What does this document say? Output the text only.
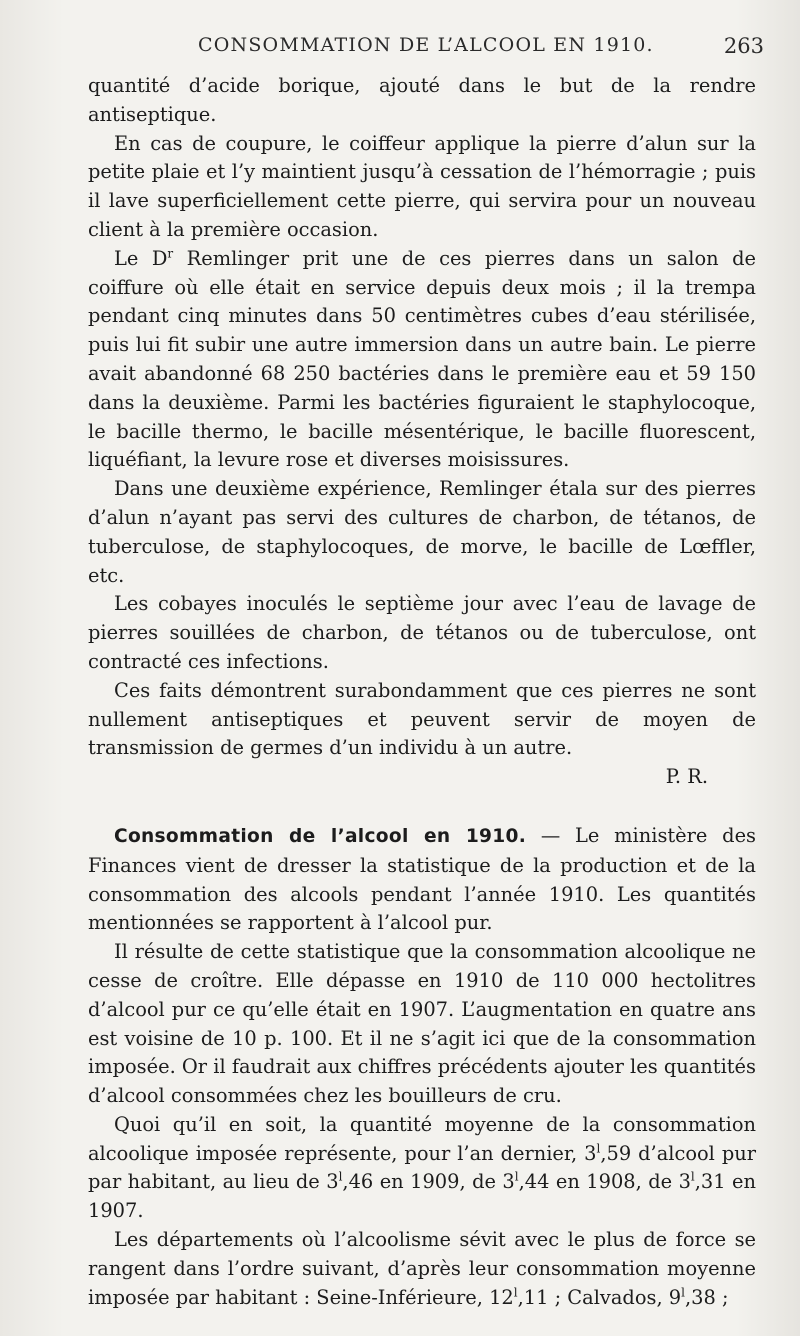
CONSOMMATION DE L’ALCOOL EN 1910.	263

quantité d’acide borique, ajouté dans le but de la rendre antiseptique.

En cas de coupure, le coiffeur applique la pierre d’alun sur la petite plaie et l’y maintient jusqu’à cessation de l’hémorragie ; puis il lave superficiellement cette pierre, qui servira pour un nouveau client à la première occasion.

Le $D^r$ Remlinger prit une de ces pierres dans un salon de coiffure où elle était en service depuis deux mois ; il la trempa pendant cinq minutes dans 50 centimètres cubes d’eau stérilisée, puis lui fit subir une autre immersion dans un autre bain. Le pierre avait abandonné 68 250 bactéries dans le première eau et 59 150 dans la deuxième. Parmi les bactéries figuraient le staphylocoque, le bacille thermo, le bacille mésentérique, le bacille fluorescent, liquéfiant, la levure rose et diverses moisissures.

Dans une deuxième expérience, Remlinger étala sur des pierres d’alun n’ayant pas servi des cultures de charbon, de tétanos, de tuberculose, de staphylocoques, de morve, le bacille de Lœffler, etc.

Les cobayes inoculés le septième jour avec l’eau de lavage de pierres souillées de charbon, de tétanos ou de tuberculose, ont contracté ces infections.

Ces faits démontrent surabondamment que ces pierres ne sont nullement antiseptiques et peuvent servir de moyen de transmission de germes d’un individu à un autre.

P. R.

Consommation de l’alcool en 1910. — Le ministère des Finances vient de dresser la statistique de la production et de la consommation des alcools pendant l’année 1910. Les quantités mentionnées se rapportent à l’alcool pur.

Il résulte de cette statistique que la consommation alcoolique ne cesse de croître. Elle dépasse en 1910 de 110 000 hectolitres d’alcool pur ce qu’elle était en 1907. L’augmentation en quatre ans est voisine de 10 p. 100. Et il ne s’agit ici que de la consommation imposée. Or il faudrait aux chiffres précédents ajouter les quantités d’alcool consommées chez les bouilleurs de cru.

Quoi qu’il en soit, la quantité moyenne de la consommation alcoolique imposée représente, pour l’an dernier, 3$^l$,59 d’alcool pur par habitant, au lieu de 3$^l$,46 en 1909, de 3$^l$,44 en 1908, de 3$^l$,31 en 1907.

Les départements où l’alcoolisme sévit avec le plus de force se rangent dans l’ordre suivant, d’après leur consommation moyenne imposée par habitant : Seine-Inférieure, 12$^l$,11 ; Calvados, 9$^l$,38 ;
